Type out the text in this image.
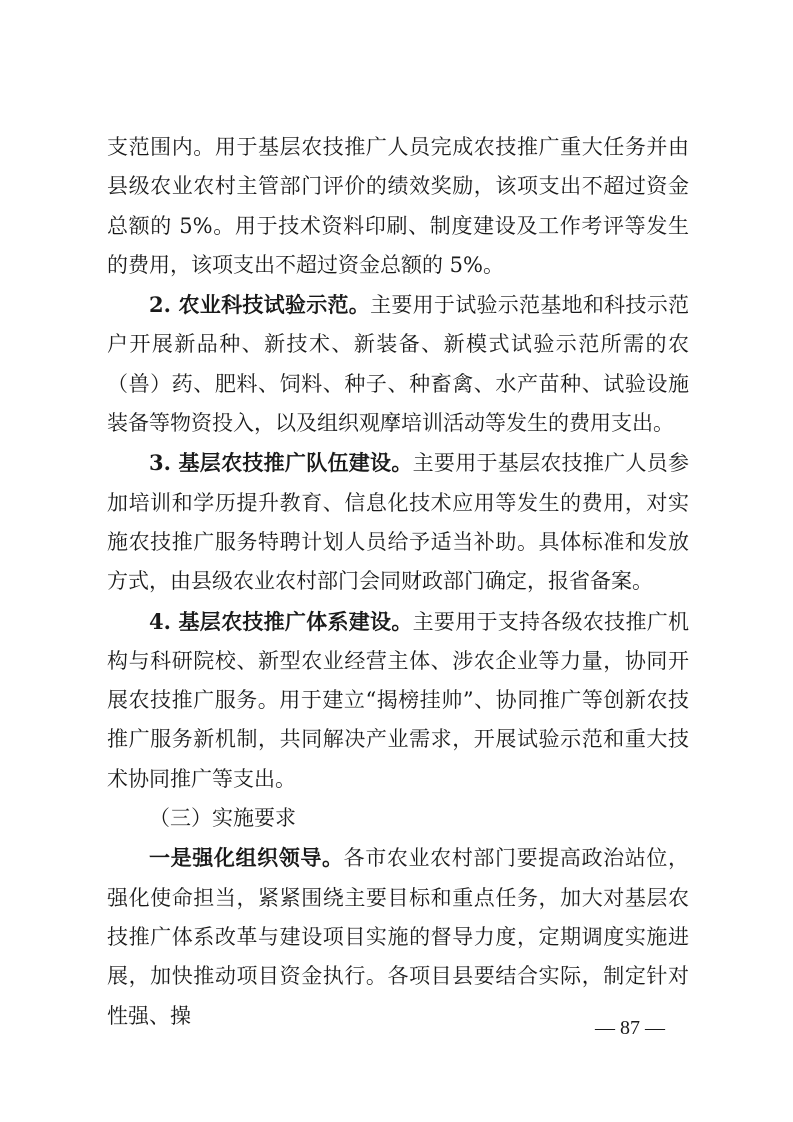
支范围内。用于基层农技推广人员完成农技推广重大任务并由县级农业农村主管部门评价的绩效奖励，该项支出不超过资金总额的 5%。用于技术资料印刷、制度建设及工作考评等发生的费用，该项支出不超过资金总额的 5%。

2. 农业科技试验示范。主要用于试验示范基地和科技示范户开展新品种、新技术、新装备、新模式试验示范所需的农（兽）药、肥料、饲料、种子、种畜禽、水产苗种、试验设施装备等物资投入，以及组织观摩培训活动等发生的费用支出。

3. 基层农技推广队伍建设。主要用于基层农技推广人员参加培训和学历提升教育、信息化技术应用等发生的费用，对实施农技推广服务特聘计划人员给予适当补助。具体标准和发放方式，由县级农业农村部门会同财政部门确定，报省备案。

4. 基层农技推广体系建设。主要用于支持各级农技推广机构与科研院校、新型农业经营主体、涉农企业等力量，协同开展农技推广服务。用于建立“揭榜挂帅”、协同推广等创新农技推广服务新机制，共同解决产业需求，开展试验示范和重大技术协同推广等支出。

（三）实施要求

一是强化组织领导。各市农业农村部门要提高政治站位，强化使命担当，紧紧围绕主要目标和重点任务，加大对基层农技推广体系改革与建设项目实施的督导力度，定期调度实施进展，加快推动项目资金执行。各项目县要结合实际，制定针对性强、操

— 87 —
